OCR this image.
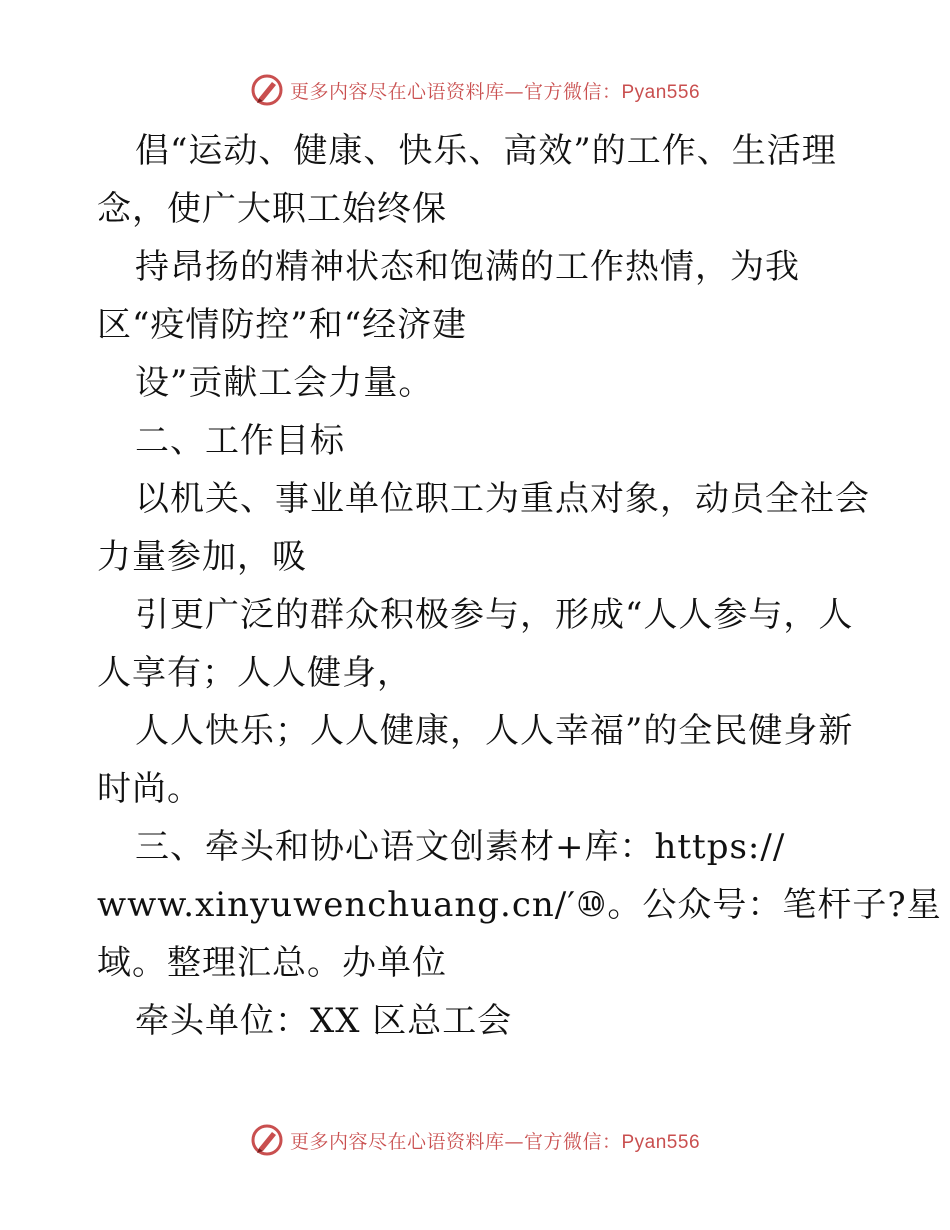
更多内容尽在心语资料库—官方微信：Pyan556
倡“运动、健康、快乐、高效”的工作、生活理
念，使广大职工始终保
持昂扬的精神状态和饱满的工作热情，为我
区“疫情防控”和“经济建
设”贡献工会力量。
二、工作目标
以机关、事业单位职工为重点对象，动员全社会
力量参加，吸
引更广泛的群众积极参与，形成“人人参与，人
人享有；人人健身，
人人快乐；人人健康，人人幸福”的全民健身新
时尚。
三、牵头和协心语文创素材+库：https://
www.xinyuwenchuang.cn/′⑩。公众号：笔杆子?星
域。整理汇总。办单位
牵头单位：XX 区总工会
更多内容尽在心语资料库—官方微信：Pyan556
